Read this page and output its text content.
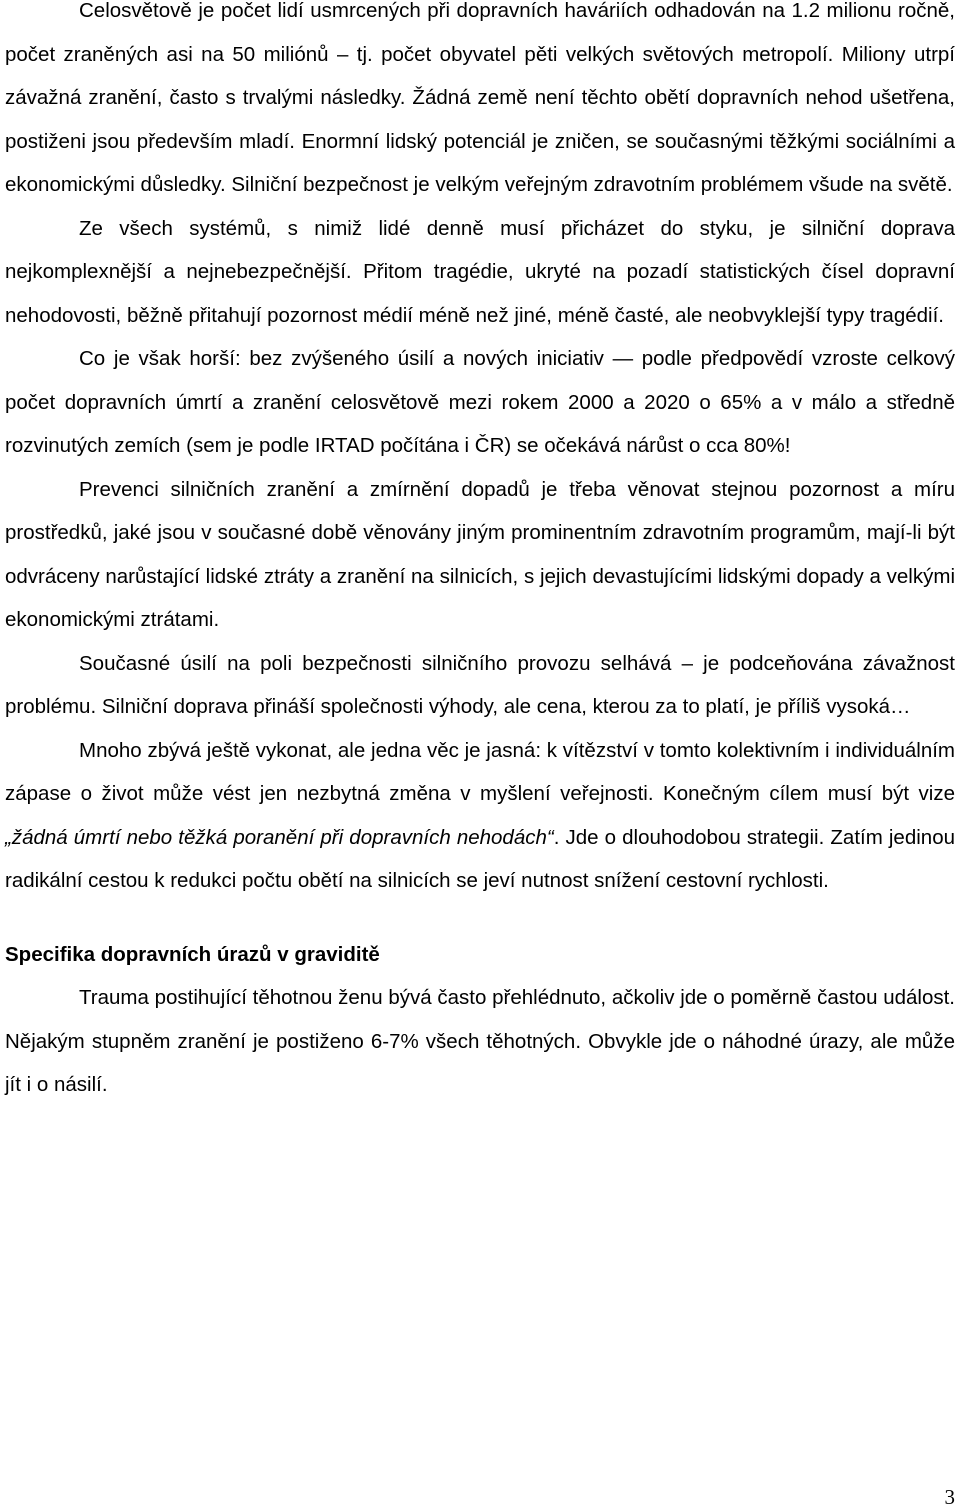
Celosvětově je počet lidí usmrcených při dopravních haváriích odhadován na 1.2 milionu ročně, počet zraněných asi na 50 miliónů – tj. počet obyvatel pěti velkých světových metropolí. Miliony utrpí závažná zranění, často s trvalými následky. Žádná země není těchto obětí dopravních nehod ušetřena, postiženi jsou především mladí. Enormní lidský potenciál je zničen, se současnými těžkými sociálními a ekonomickými důsledky. Silniční bezpečnost je velkým veřejným zdravotním problémem všude na světě.

Ze všech systémů, s nimiž lidé denně musí přicházet do styku, je silniční doprava nejkomplexnější a nejnebezpečnější. Přitom tragédie, ukryté na pozadí statistických čísel dopravní nehodovosti, běžně přitahují pozornost médií méně než jiné, méně časté, ale neobvyklejší typy tragédií.

Co je však horší: bez zvýšeného úsilí a nových iniciativ — podle předpovědí vzroste celkový počet dopravních úmrtí a zranění celosvětově mezi rokem 2000 a 2020 o 65% a v málo a středně rozvinutých zemích (sem je podle IRTAD počítána i ČR) se očekává nárůst o cca 80%!

Prevenci silničních zranění a zmírnění dopadů je třeba věnovat stejnou pozornost a míru prostředků, jaké jsou v současné době věnovány jiným prominentním zdravotním programům, mají-li být odvráceny narůstající lidské ztráty a zranění na silnicích, s jejich devastujícími lidskými dopady a velkými ekonomickými ztrátami.

Současné úsilí na poli bezpečnosti silničního provozu selhává – je podceňována závažnost problému. Silniční doprava přináší společnosti výhody, ale cena, kterou za to platí, je příliš vysoká…

Mnoho zbývá ještě vykonat, ale jedna věc je jasná: k vítězství v tomto kolektivním i individuálním zápase o život může vést jen nezbytná změna v myšlení veřejnosti. Konečným cílem musí být vize „žádná úmrtí nebo těžká poranění při dopravních nehodách“. Jde o dlouhodobou strategii. Zatím jedinou radikální cestou k redukci počtu obětí na silnicích se jeví nutnost snížení cestovní rychlosti.

Specifika dopravních úrazů v graviditě

Trauma postihující těhotnou ženu bývá často přehlédnuto, ačkoliv jde o poměrně častou událost. Nějakým stupněm zranění je postiženo 6-7% všech těhotných. Obvykle jde o náhodné úrazy, ale může jít i o násilí.

3
